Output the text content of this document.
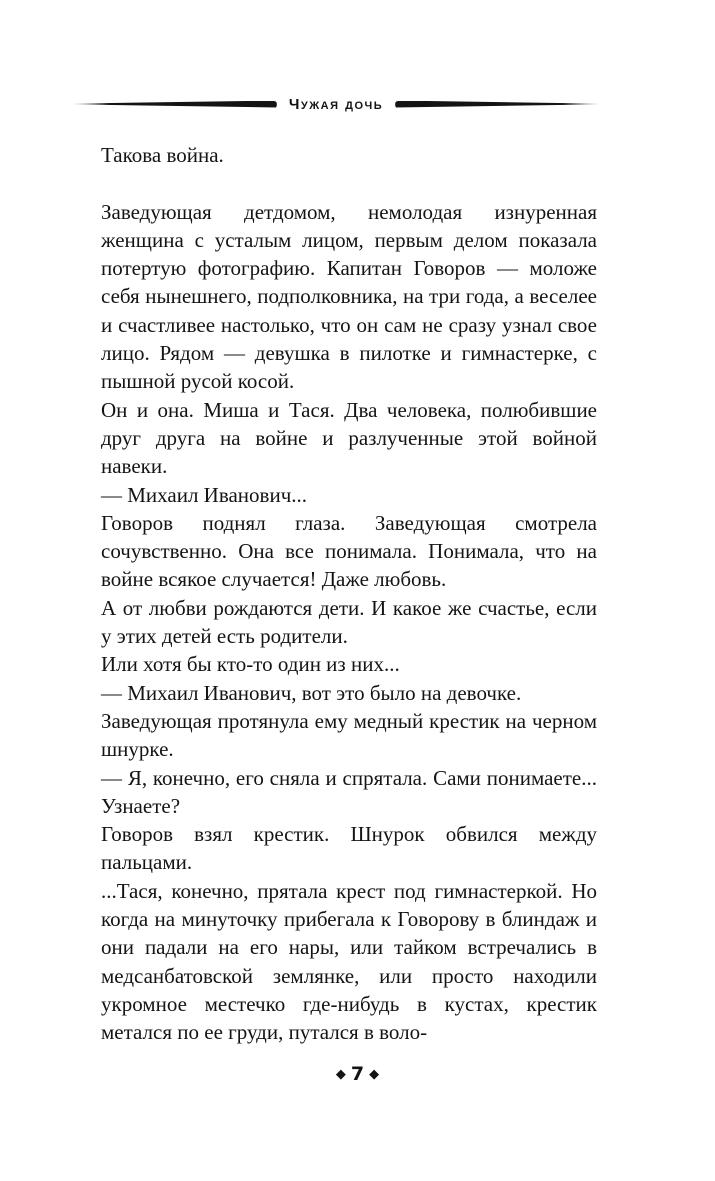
Чужая дочь

Такова война.

Заведующая детдомом, немолодая изнуренная женщина с усталым лицом, первым делом показала потертую фотографию. Капитан Говоров — моложе себя нынешнего, подполковника, на три года, а веселее и счастливее настолько, что он сам не сразу узнал свое лицо. Рядом — девушка в пилотке и гимнастерке, с пышной русой косой.

Он и она. Миша и Тася. Два человека, полюбившие друг друга на войне и разлученные этой войной навеки.

— Михаил Иванович...

Говоров поднял глаза. Заведующая смотрела сочувственно. Она все понимала. Понимала, что на войне всякое случается! Даже любовь.

А от любви рождаются дети. И какое же счастье, если у этих детей есть родители.

Или хотя бы кто-то один из них...

— Михаил Иванович, вот это было на девочке.

Заведующая протянула ему медный крестик на черном шнурке.

— Я, конечно, его сняла и спрятала. Сами понимаете... Узнаете?

Говоров взял крестик. Шнурок обвился между пальцами.

...Тася, конечно, прятала крест под гимнастеркой. Но когда на минуточку прибегала к Говорову в блиндаж и они падали на его нары, или тайком встречались в медсанбатовской землянке, или просто находили укромное местечко где-нибудь в кустах, крестик метался по ее груди, путался в воло-

◆ 7 ◆
